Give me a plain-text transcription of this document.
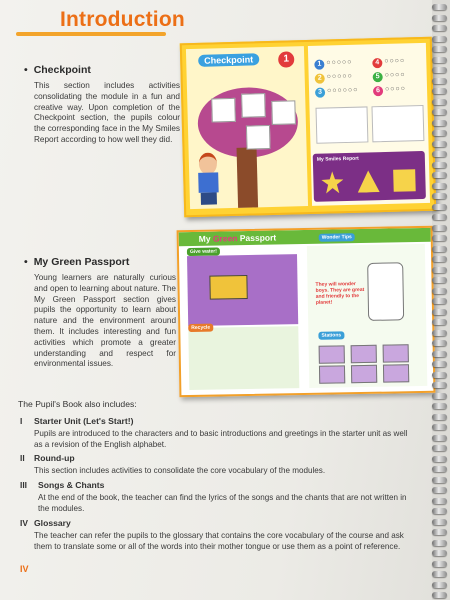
Introduction
• Checkpoint
This section includes activities consolidating the module in a fun and creative way. Upon completion of the Checkpoint section, the pupils colour the corresponding face in the My Smiles Report according to how well they did.
Checkpoint	1	1 ○○○○○
2 ○○○○○
3 ○○○○○○
4 ○○○○
5 ○○○○
6 ○○○○
My Smiles Report
• My Green Passport
Young learners are naturally curious and open to learning about nature. The My Green Passport section gives pupils the opportunity to learn about nature and the environment around them. It includes interesting and fun activities which promote a greater understanding and respect for environmental issues.
My Green Passport
Give water!
Wonder Tips
Recycle
They will wonder boys. They are great and friendly to the planet!
Stations
The Pupil's Book also includes:
I Starter Unit (Let's Start!)
Pupils are introduced to the characters and to basic introductions and greetings in the starter unit as well
as a revision of the English alphabet.
II Round-up
This section includes activities to consolidate the core vocabulary of the modules.
III Songs & Chants
At the end of the book, the teacher can find the lyrics of the songs and the chants that are not written in
the modules.
IV Glossary
The teacher can refer the pupils to the glossary that contains the core vocabulary of the course and ask
them to translate some or all of the words into their mother tongue or use them as a point of reference.
IV
